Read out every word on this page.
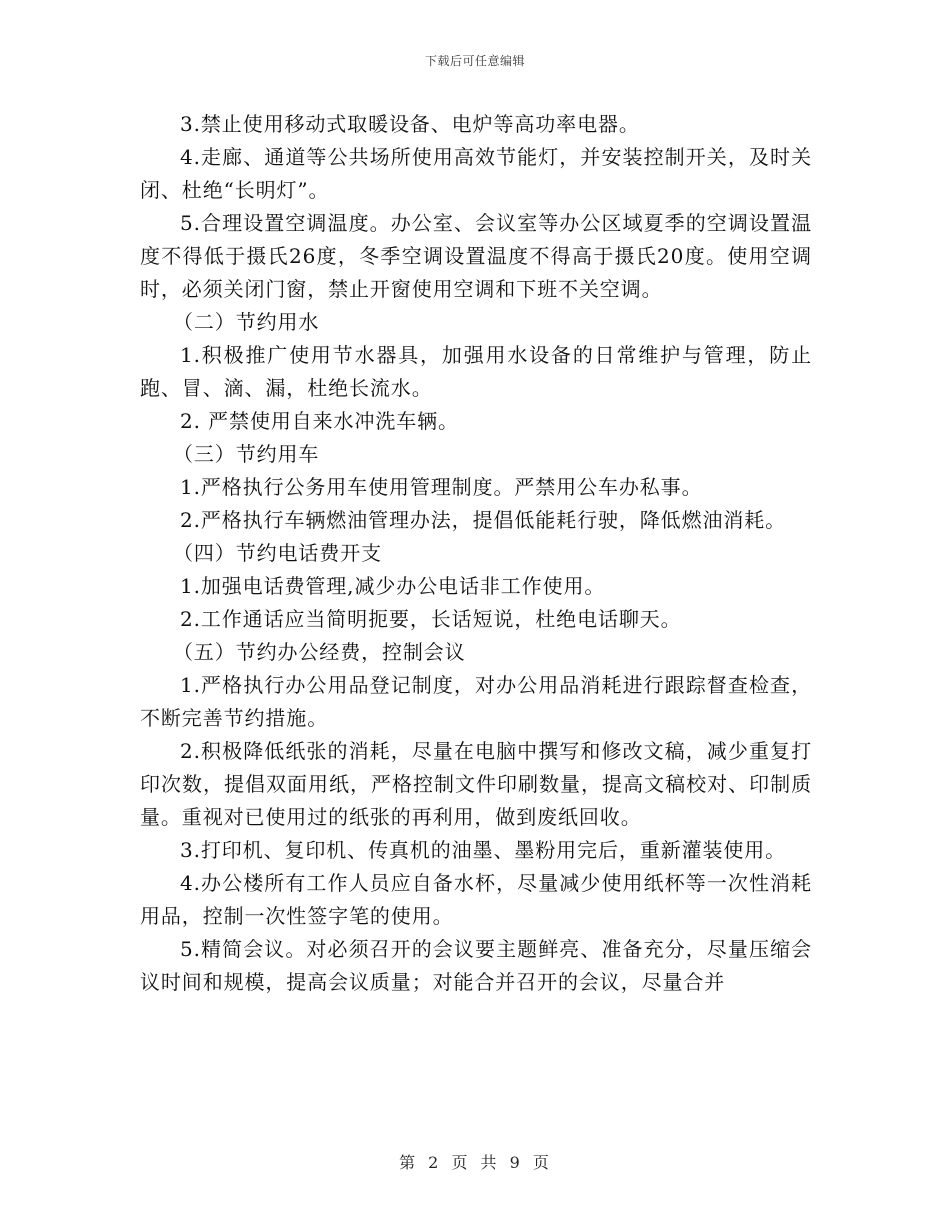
下载后可任意编辑

3.禁止使用移动式取暖设备、电炉等高功率电器。

4.走廊、通道等公共场所使用高效节能灯，并安装控制开关，及时关闭、杜绝“长明灯”。

5.合理设置空调温度。办公室、会议室等办公区域夏季的空调设置温度不得低于摄氏26度，冬季空调设置温度不得高于摄氏20度。使用空调时，必须关闭门窗，禁止开窗使用空调和下班不关空调。

（二）节约用水

1.积极推广使用节水器具，加强用水设备的日常维护与管理，防止跑、冒、滴、漏，杜绝长流水。

2. 严禁使用自来水冲洗车辆。

（三）节约用车

1.严格执行公务用车使用管理制度。严禁用公车办私事。

2.严格执行车辆燃油管理办法，提倡低能耗行驶，降低燃油消耗。

（四）节约电话费开支

1.加强电话费管理,减少办公电话非工作使用。

2.工作通话应当简明扼要，长话短说，杜绝电话聊天。

（五）节约办公经费，控制会议

1.严格执行办公用品登记制度，对办公用品消耗进行跟踪督查检查，不断完善节约措施。

2.积极降低纸张的消耗，尽量在电脑中撰写和修改文稿，减少重复打印次数，提倡双面用纸，严格控制文件印刷数量，提高文稿校对、印制质量。重视对已使用过的纸张的再利用，做到废纸回收。

3.打印机、复印机、传真机的油墨、墨粉用完后，重新灌装使用。

4.办公楼所有工作人员应自备水杯，尽量减少使用纸杯等一次性消耗用品，控制一次性签字笔的使用。

5.精简会议。对必须召开的会议要主题鲜亮、准备充分，尽量压缩会议时间和规模，提高会议质量；对能合并召开的会议，尽量合并

第 2 页 共 9 页
